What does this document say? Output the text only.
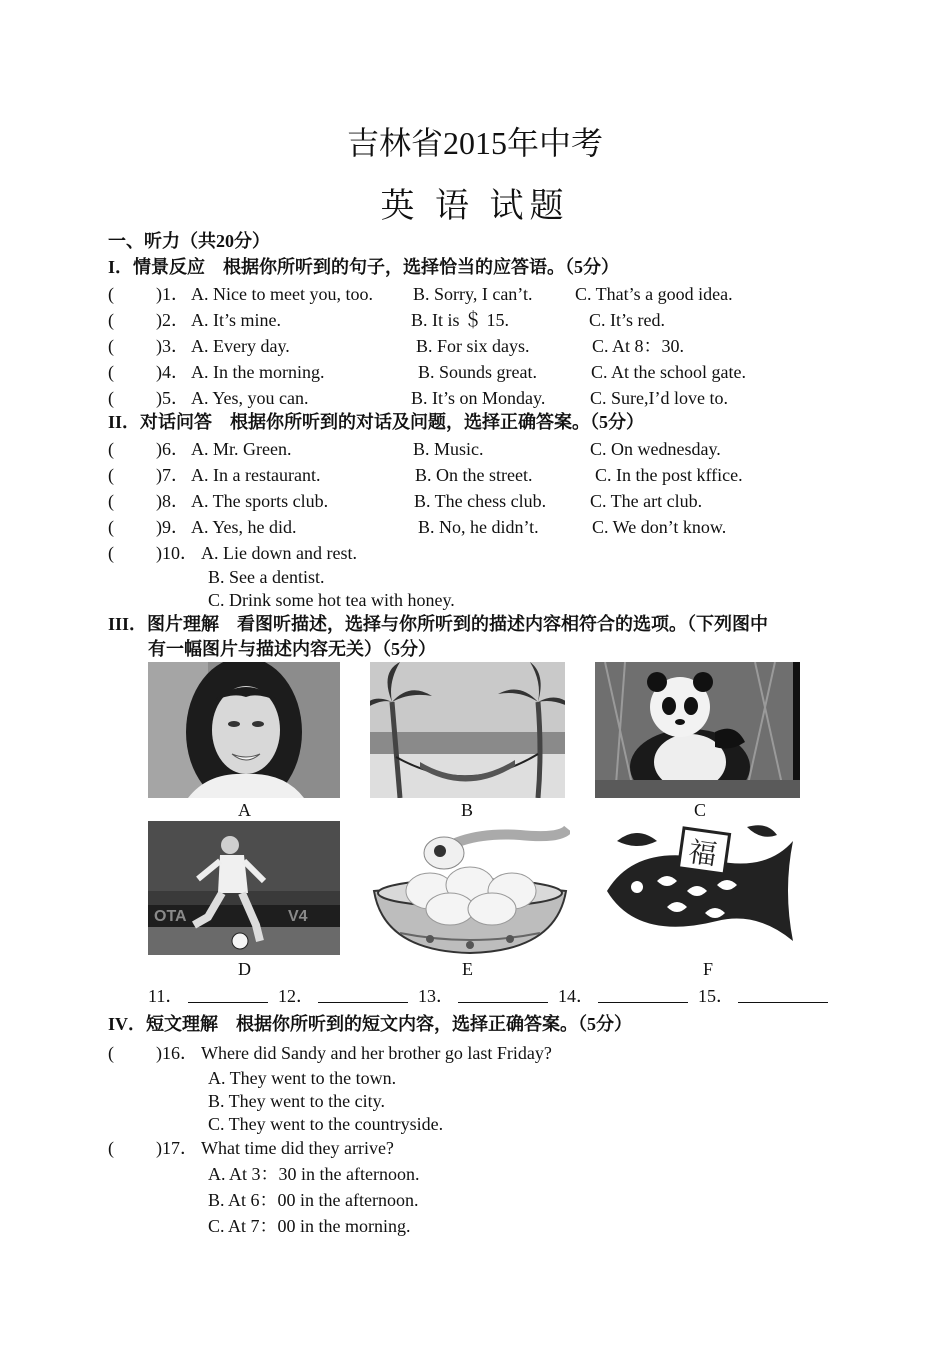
吉林省2015年中考
英 语 试题
一、听力（共20分）
I．情景反应　根据你所听到的句子，选择恰当的应答语。（5分）
( )1． A. Nice to meet you, too. B. Sorry, I can’t. C. That’s a good idea.
( )2． A. It’s mine.	B. It is ＄ 15.	C. It’s red.
( )3． A. Every day.	B. For six days.	C. At 8：30.
( )4． A. In the morning.	B. Sounds great.	C. At the school gate.
( )5． A. Yes, you can.	B. It’s on Monday. C. Sure,I’d love to.
II．对话问答　根据你所听到的对话及问题，选择正确答案。（5分）
( )6． A. Mr. Green.	B. Music.	C. On wednesday.
( )7． A. In a restaurant.	B. On the street.	C. In the post kffice.
( )8． A. The sports club.	B. The chess club. C. The art club.
( )9． A. Yes, he did.	B. No, he didn’t.	C. We don’t know.
( )10． A. Lie down and rest.
B. See a dentist.
C. Drink some hot tea with honey.
III．图片理解　看图听描述，选择与你所听到的描述内容相符合的选项。（下列图中
有一幅图片与描述内容无关）（5分）
A	B	C
OTA	V4
D	E
福
F
11．	12．	13．	14．	15．
IV．短文理解　根据你所听到的短文内容，选择正确答案。（5分）
( )16． Where did Sandy and her brother go last Friday?
A. They went to the town.
B. They went to the city.
C. They went to the countryside.
( )17． What time did they arrive?
A. At 3：30 in the afternoon.
B. At 6：00 in the afternoon.
C. At 7：00 in the morning.
